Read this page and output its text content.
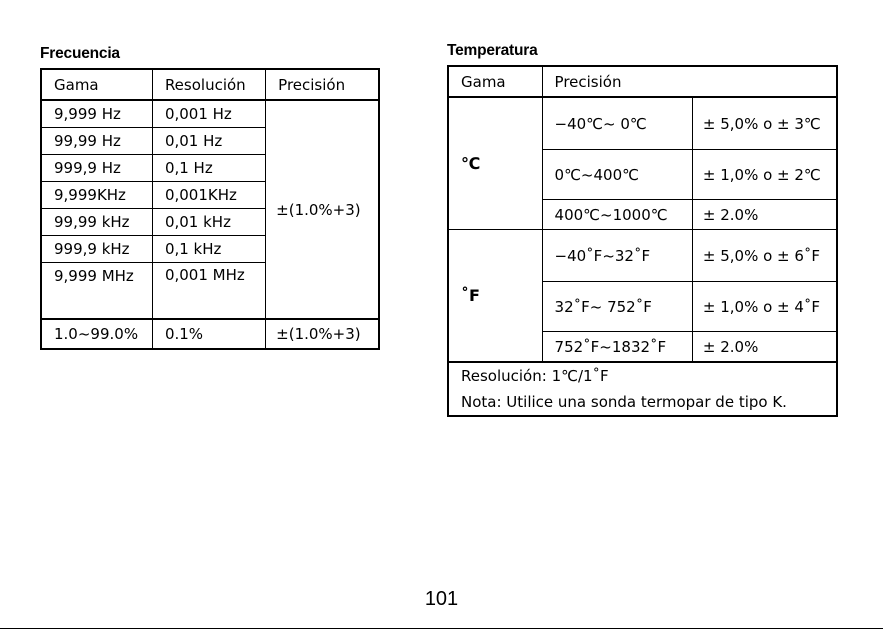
Frecuencia
Gama	Resolución	Precisión
9,999 Hz	0,001 Hz	±(1.0%+3)
99,99 Hz	0,01 Hz	
999,9 Hz	0,1 Hz	
9,999KHz	0,001KHz	
99,99 kHz	0,01 kHz	
999,9 kHz	0,1 kHz	
9,999 MHz	0,001 MHz	
1.0~99.0%	0.1%	±(1.0%+3)
Temperatura
Gama	Precisión	
℃	−40℃~ 0℃	± 5,0% o ± 3℃
	0℃~400℃	± 1,0% o ± 2℃
	400℃~1000℃	± 2.0%
˚F	−40˚F~32˚F	± 5,0% o ± 6˚F
	32˚F~ 752˚F	± 1,0% o ± 4˚F
	752˚F~1832˚F	± 2.0%
Resolución: 1℃/1˚F		
Nota: Utilice una sonda termopar de tipo K.		
101
